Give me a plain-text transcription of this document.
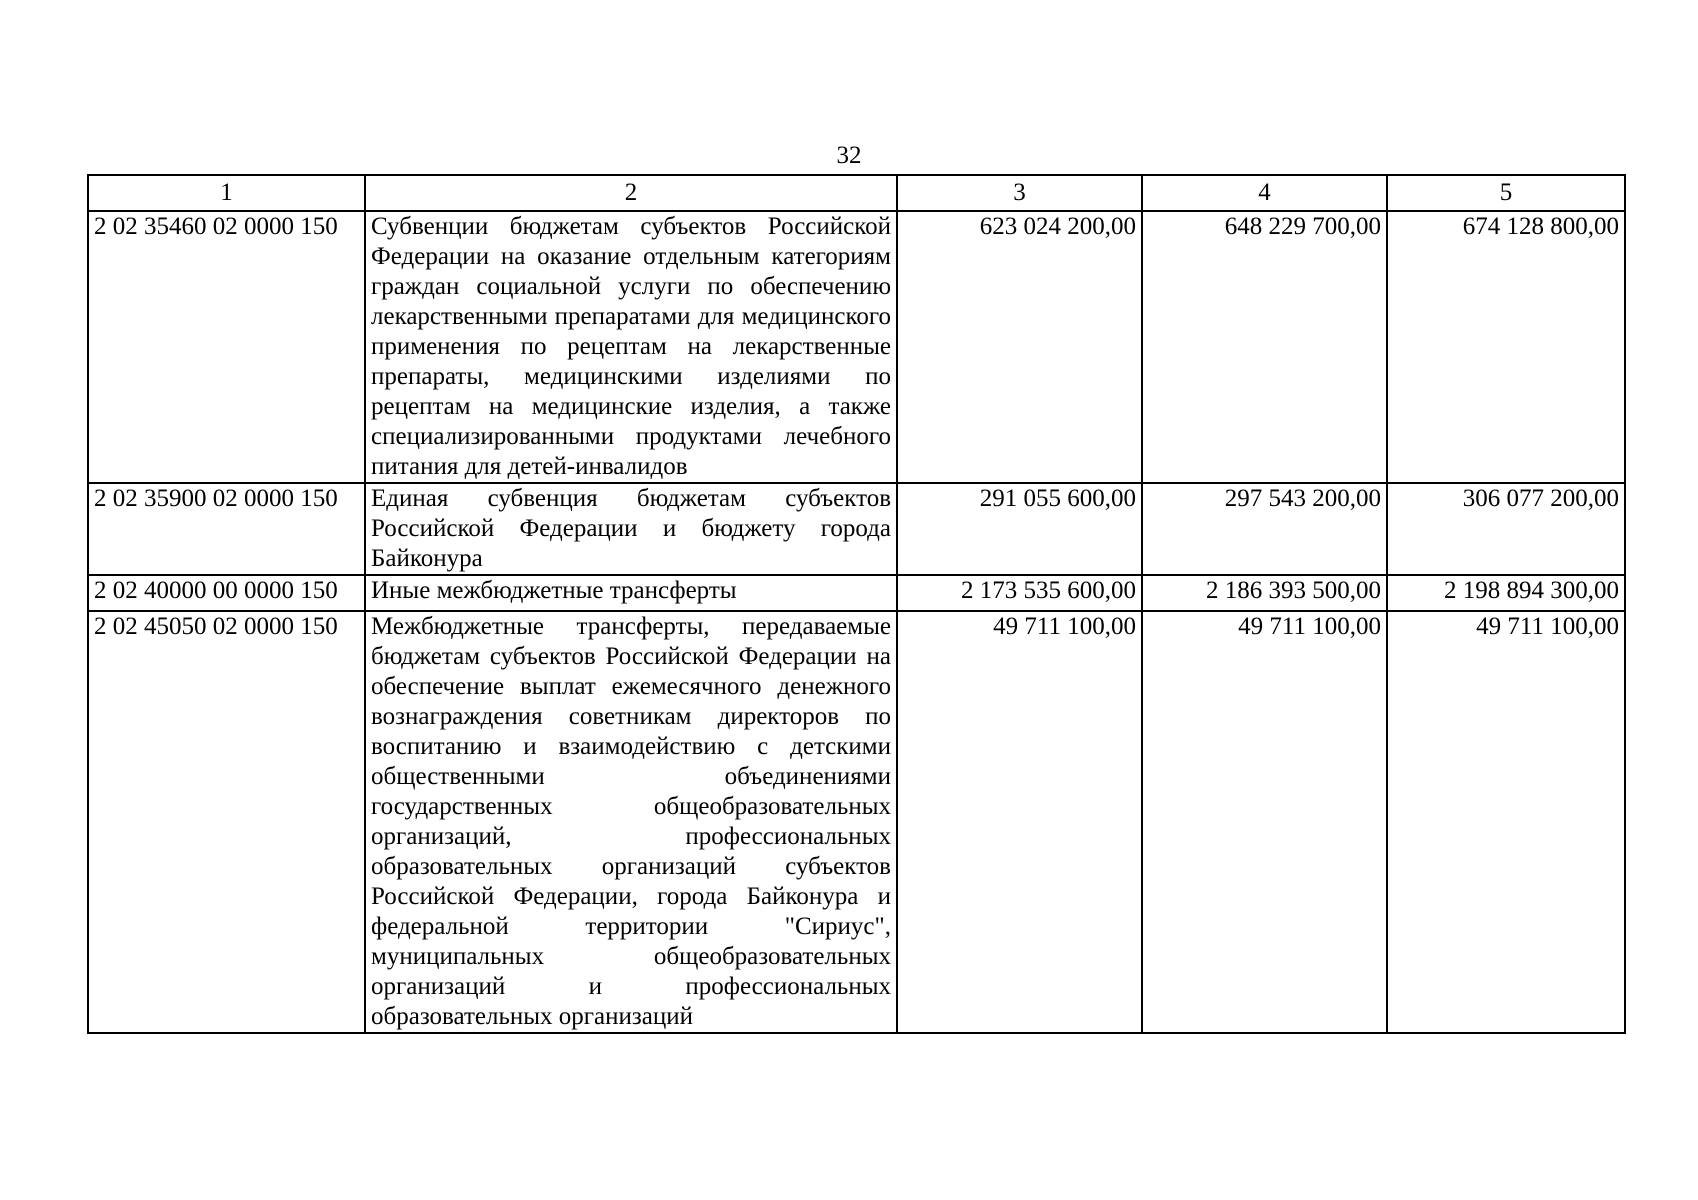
32
1	2	3	4	5
2 02 35460 02 0000 150	Субвенции бюджетам субъектов Российской Федерации на оказание отдельным категориям граждан социальной услуги по обеспечению лекарственными препаратами для медицинского применения по рецептам на лекарственные препараты, медицинскими изделиями по рецептам на медицинские изделия, а также специализированными продуктами лечебного питания для детей-инвалидов	623 024 200,00	648 229 700,00	674 128 800,00
2 02 35900 02 0000 150	Единая субвенция бюджетам субъектов Российской Федерации и бюджету города Байконура	291 055 600,00	297 543 200,00	306 077 200,00
2 02 40000 00 0000 150	Иные межбюджетные трансферты	2 173 535 600,00	2 186 393 500,00	2 198 894 300,00
2 02 45050 02 0000 150	Межбюджетные трансферты, передаваемые бюджетам субъектов Российской Федерации на обеспечение выплат ежемесячного денежного вознаграждения советникам директоров по воспитанию и взаимодействию с детскими общественными объединениями государственных общеобразовательных организаций, профессиональных образовательных организаций субъектов Российской Федерации, города Байконура и федеральной территории "Сириус", муниципальных общеобразовательных организаций и профессиональных образовательных организаций	49 711 100,00	49 711 100,00	49 711 100,00
